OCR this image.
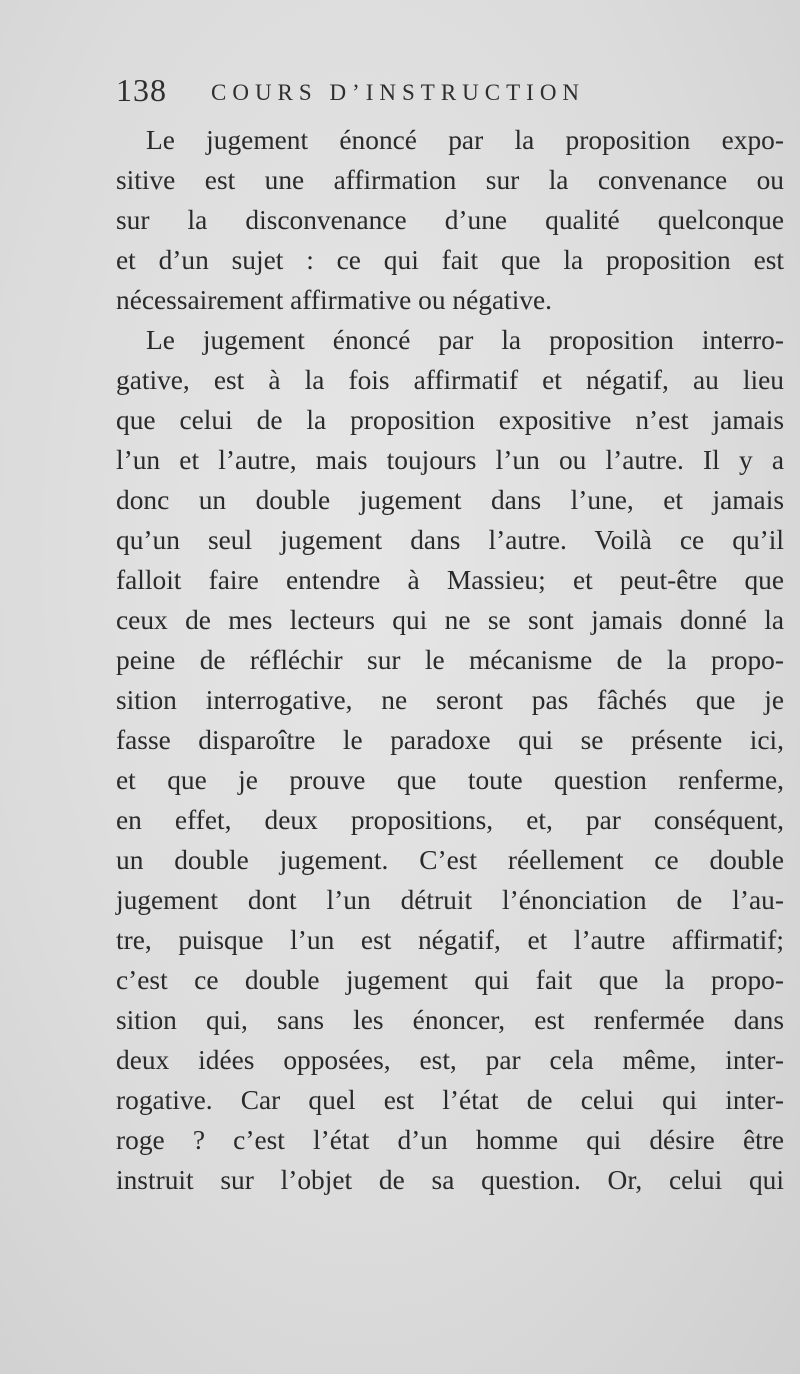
138 COURS D’INSTRUCTION
Le jugement énoncé par la proposition expo-
sitive est une affirmation sur la convenance ou
sur la disconvenance d’une qualité quelconque
et d’un sujet : ce qui fait que la proposition est
nécessairement affirmative ou négative.
Le jugement énoncé par la proposition interro-
gative, est à la fois affirmatif et négatif, au lieu
que celui de la proposition expositive n’est jamais
l’un et l’autre, mais toujours l’un ou l’autre. Il y a
donc un double jugement dans l’une, et jamais
qu’un seul jugement dans l’autre. Voilà ce qu’il
falloit faire entendre à Massieu; et peut-être que
ceux de mes lecteurs qui ne se sont jamais donné la
peine de réfléchir sur le mécanisme de la propo-
sition interrogative, ne seront pas fâchés que je
fasse disparoître le paradoxe qui se présente ici,
et que je prouve que toute question renferme,
en effet, deux propositions, et, par conséquent,
un double jugement. C’est réellement ce double
jugement dont l’un détruit l’énonciation de l’au-
tre, puisque l’un est négatif, et l’autre affirmatif;
c’est ce double jugement qui fait que la propo-
sition qui, sans les énoncer, est renfermée dans
deux idées opposées, est, par cela même, inter-
rogative. Car quel est l’état de celui qui inter-
roge ? c’est l’état d’un homme qui désire être
instruit sur l’objet de sa question. Or, celui qui
